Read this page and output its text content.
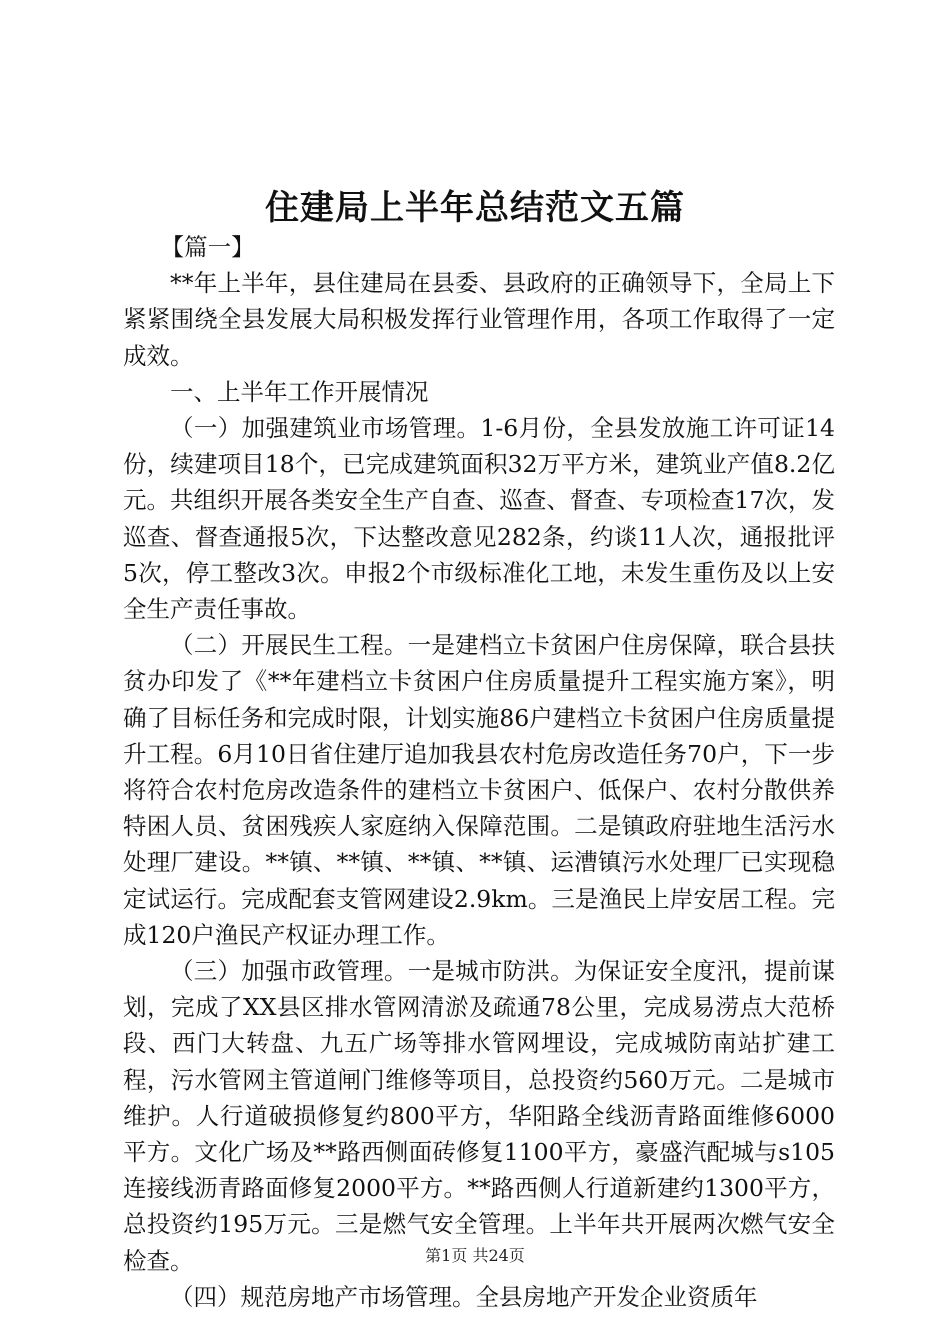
住建局上半年总结范文五篇

【篇一】

**年上半年，县住建局在县委、县政府的正确领导下，全局上下紧紧围绕全县发展大局积极发挥行业管理作用，各项工作取得了一定成效。

一、上半年工作开展情况

（一）加强建筑业市场管理。1-6月份，全县发放施工许可证14份，续建项目18个，已完成建筑面积32万平方米，建筑业产值8.2亿元。共组织开展各类安全生产自查、巡查、督查、专项检查17次，发巡查、督查通报5次，下达整改意见282条，约谈11人次，通报批评5次，停工整改3次。申报2个市级标准化工地，未发生重伤及以上安全生产责任事故。

（二）开展民生工程。一是建档立卡贫困户住房保障，联合县扶贫办印发了《**年建档立卡贫困户住房质量提升工程实施方案》，明确了目标任务和完成时限，计划实施86户建档立卡贫困户住房质量提升工程。6月10日省住建厅追加我县农村危房改造任务70户，下一步将符合农村危房改造条件的建档立卡贫困户、低保户、农村分散供养特困人员、贫困残疾人家庭纳入保障范围。二是镇政府驻地生活污水处理厂建设。**镇、**镇、**镇、**镇、运漕镇污水处理厂已实现稳定试运行。完成配套支管网建设2.9km。三是渔民上岸安居工程。完成120户渔民产权证办理工作。

（三）加强市政管理。一是城市防洪。为保证安全度汛，提前谋划，完成了XX县区排水管网清淤及疏通78公里，完成易涝点大范桥段、西门大转盘、九五广场等排水管网埋设，完成城防南站扩建工程，污水管网主管道闸门维修等项目，总投资约560万元。二是城市维护。人行道破损修复约800平方，华阳路全线沥青路面维修6000平方。文化广场及**路西侧面砖修复1100平方，豪盛汽配城与s105连接线沥青路面修复2000平方。**路西侧人行道新建约1300平方，总投资约195万元。三是燃气安全管理。上半年共开展两次燃气安全检查。

（四）规范房地产市场管理。全县房地产开发企业资质年

第1页 共24页
